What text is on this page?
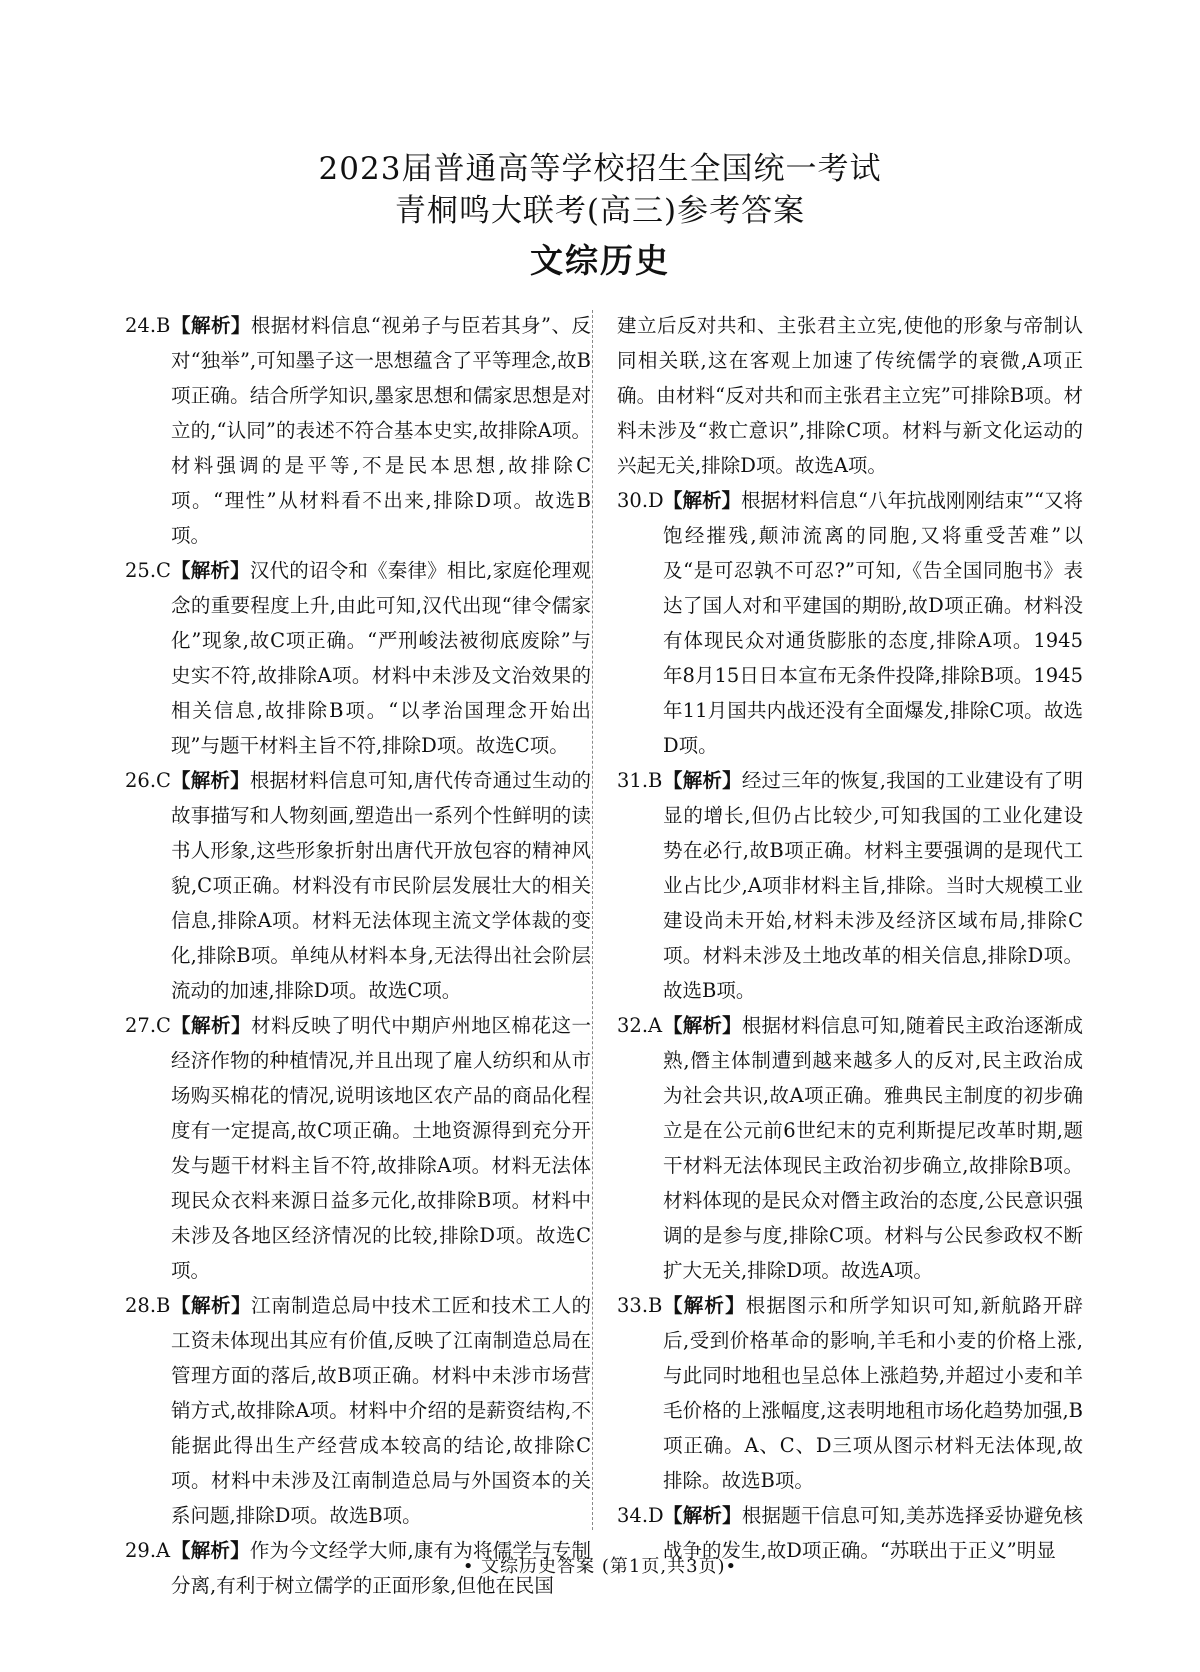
2023届普通高等学校招生全国统一考试
青桐鸣大联考(高三)参考答案
文综历史
24.B 【解析】根据材料信息“视弟子与臣若其身”、反对“独举”,可知墨子这一思想蕴含了平等理念,故B项正确。结合所学知识,墨家思想和儒家思想是对立的,“认同”的表述不符合基本史实,故排除A项。材料强调的是平等,不是民本思想,故排除C项。“理性”从材料看不出来,排除D项。故选B项。
25.C 【解析】汉代的诏令和《秦律》相比,家庭伦理观念的重要程度上升,由此可知,汉代出现“律令儒家化”现象,故C项正确。“严刑峻法被彻底废除”与史实不符,故排除A项。材料中未涉及文治效果的相关信息,故排除B项。“以孝治国理念开始出现”与题干材料主旨不符,排除D项。故选C项。
26.C 【解析】根据材料信息可知,唐代传奇通过生动的故事描写和人物刻画,塑造出一系列个性鲜明的读书人形象,这些形象折射出唐代开放包容的精神风貌,C项正确。材料没有市民阶层发展壮大的相关信息,排除A项。材料无法体现主流文学体裁的变化,排除B项。单纯从材料本身,无法得出社会阶层流动的加速,排除D项。故选C项。
27.C 【解析】材料反映了明代中期庐州地区棉花这一经济作物的种植情况,并且出现了雇人纺织和从市场购买棉花的情况,说明该地区农产品的商品化程度有一定提高,故C项正确。土地资源得到充分开发与题干材料主旨不符,故排除A项。材料无法体现民众衣料来源日益多元化,故排除B项。材料中未涉及各地区经济情况的比较,排除D项。故选C项。
28.B 【解析】江南制造总局中技术工匠和技术工人的工资未体现出其应有价值,反映了江南制造总局在管理方面的落后,故B项正确。材料中未涉市场营销方式,故排除A项。材料中介绍的是薪资结构,不能据此得出生产经营成本较高的结论,故排除C项。材料中未涉及江南制造总局与外国资本的关系问题,排除D项。故选B项。
29.A 【解析】作为今文经学大师,康有为将儒学与专制分离,有利于树立儒学的正面形象,但他在民国
建立后反对共和、主张君主立宪,使他的形象与帝制认同相关联,这在客观上加速了传统儒学的衰微,A项正确。由材料“反对共和而主张君主立宪”可排除B项。材料未涉及“救亡意识”,排除C项。材料与新文化运动的兴起无关,排除D项。故选A项。
30.D 【解析】根据材料信息“八年抗战刚刚结束”“又将饱经摧残,颠沛流离的同胞,又将重受苦难”以及“是可忍孰不可忍?”可知,《告全国同胞书》表达了国人对和平建国的期盼,故D项正确。材料没有体现民众对通货膨胀的态度,排除A项。1945年8月15日日本宣布无条件投降,排除B项。1945年11月国共内战还没有全面爆发,排除C项。故选D项。
31.B 【解析】经过三年的恢复,我国的工业建设有了明显的增长,但仍占比较少,可知我国的工业化建设势在必行,故B项正确。材料主要强调的是现代工业占比少,A项非材料主旨,排除。当时大规模工业建设尚未开始,材料未涉及经济区域布局,排除C项。材料未涉及土地改革的相关信息,排除D项。故选B项。
32.A 【解析】根据材料信息可知,随着民主政治逐渐成熟,僭主体制遭到越来越多人的反对,民主政治成为社会共识,故A项正确。雅典民主制度的初步确立是在公元前6世纪末的克利斯提尼改革时期,题干材料无法体现民主政治初步确立,故排除B项。材料体现的是民众对僭主政治的态度,公民意识强调的是参与度,排除C项。材料与公民参政权不断扩大无关,排除D项。故选A项。
33.B 【解析】根据图示和所学知识可知,新航路开辟后,受到价格革命的影响,羊毛和小麦的价格上涨,与此同时地租也呈总体上涨趋势,并超过小麦和羊毛价格的上涨幅度,这表明地租市场化趋势加强,B项正确。A、C、D三项从图示材料无法体现,故排除。故选B项。
34.D 【解析】根据题干信息可知,美苏选择妥协避免核战争的发生,故D项正确。“苏联出于正义”明显
• 文综历史答案 (第1页,共3页)•
